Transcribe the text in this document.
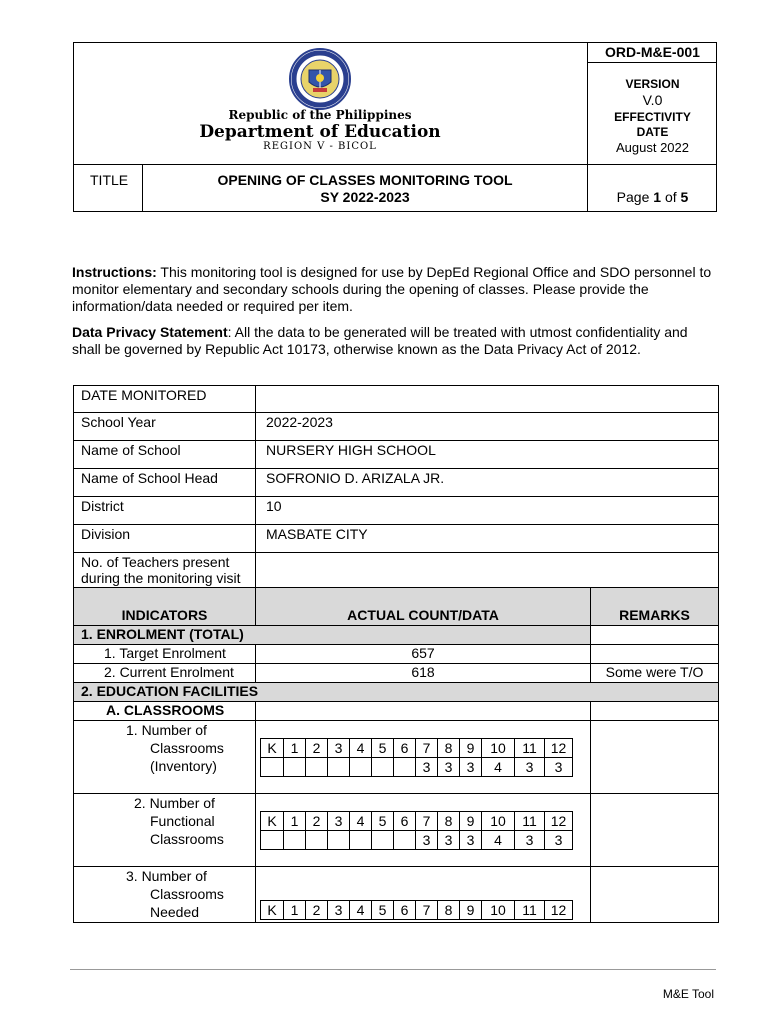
Republic of the Philippines
Department of Education
REGION V - BICOL
ORD-M&E-001
VERSION
V.0
EFFECTIVITY
DATE
August 2022
TITLE	OPENING OF CLASSES MONITORING TOOL
SY 2022-2023	Page 1 of 5
Instructions: This monitoring tool is designed for use by DepEd Regional Office and SDO personnel to monitor elementary and secondary schools during the opening of classes. Please provide the information/data needed or required per item.
Data Privacy Statement: All the data to be generated will be treated with utmost confidentiality and shall be governed by Republic Act 10173, otherwise known as the Data Privacy Act of 2012.
DATE MONITORED	
School Year	2022-2023
Name of School	NURSERY HIGH SCHOOL
Name of School Head	SOFRONIO D. ARIZALA JR.
District	10
Division	MASBATE CITY
No. of Teachers present during the monitoring visit	
INDICATORS	ACTUAL COUNT/DATA	REMARKS
1. ENROLMENT (TOTAL)	
1. Target Enrolment	657	
2. Current Enrolment	618	Some were T/O
2. EDUCATION FACILITIES
A. CLASSROOMS		

1. Number of
Classrooms
(Inventory)

K	1	2	3	4	5	6	7	8	9	10	11	12
							3	3	3	4	3	3

2. Number of
Functional
Classrooms

K	1	2	3	4	5	6	7	8	9	10	11	12
							3	3	3	4	3	3

3. Number of
Classrooms
Needed
		K	1	2	3	4	5	6	7	8	9	10	11	12

M&E Tool
